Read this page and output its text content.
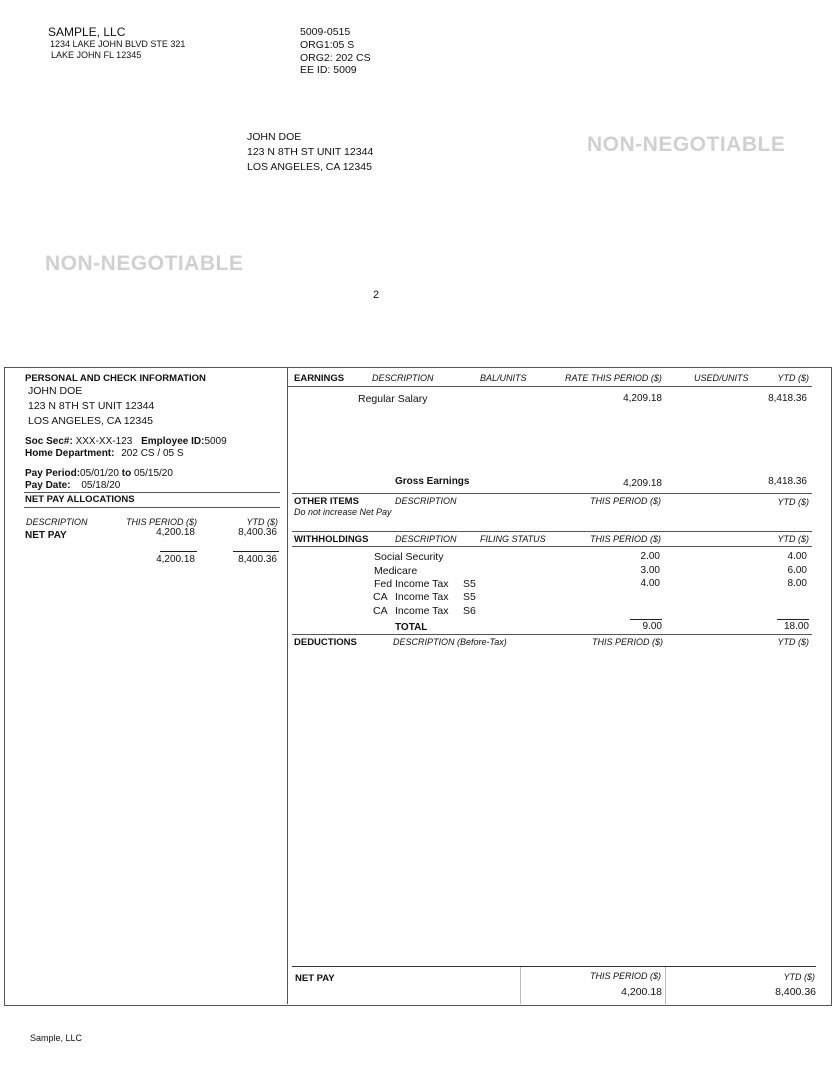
SAMPLE, LLC
1234 LAKE JOHN BLVD STE 321
LAKE JOHN FL 12345
5009-0515
ORG1:05 S
ORG2: 202 CS
EE ID: 5009
JOHN DOE
123 N 8TH ST UNIT 12344
LOS ANGELES, CA 12345
NON-NEGOTIABLE
NON-NEGOTIABLE
2
PERSONAL AND CHECK INFORMATION
JOHN DOE
123 N 8TH ST UNIT 12344
LOS ANGELES, CA 12345
Soc Sec#: XXX-XX-123 Employee ID:5009
Home Department: 202 CS / 05 S
Pay Period:05/01/20 to 05/15/20
Pay Date: 05/18/20
NET PAY ALLOCATIONS
DESCRIPTION	THIS PERIOD ($)	YTD ($)
NET PAY	4,200.18	8,400.36
4,200.18	8,400.36
EARNINGS	DESCRIPTION	BAL/UNITS	RATE THIS PERIOD ($)	USED/UNITS	YTD ($)
Regular Salary	4,209.18	8,418.36
Gross Earnings	4,209.18	8,418.36
OTHER ITEMS	DESCRIPTION	THIS PERIOD ($)	YTD ($)
Do not increase Net Pay
WITHHOLDINGS	DESCRIPTION	FILING STATUS	THIS PERIOD ($)	YTD ($)
Social Security	2.00	4.00
Medicare	3.00	6.00
Fed Income Tax S5	4.00	8.00
CA Income Tax S5
CA Income Tax S6
TOTAL	9.00	18.00
DEDUCTIONS	DESCRIPTION (Before-Tax)	THIS PERIOD ($)	YTD ($)
NET PAY	THIS PERIOD ($)	YTD ($)
4,200.18	8,400.36
Sample, LLC
